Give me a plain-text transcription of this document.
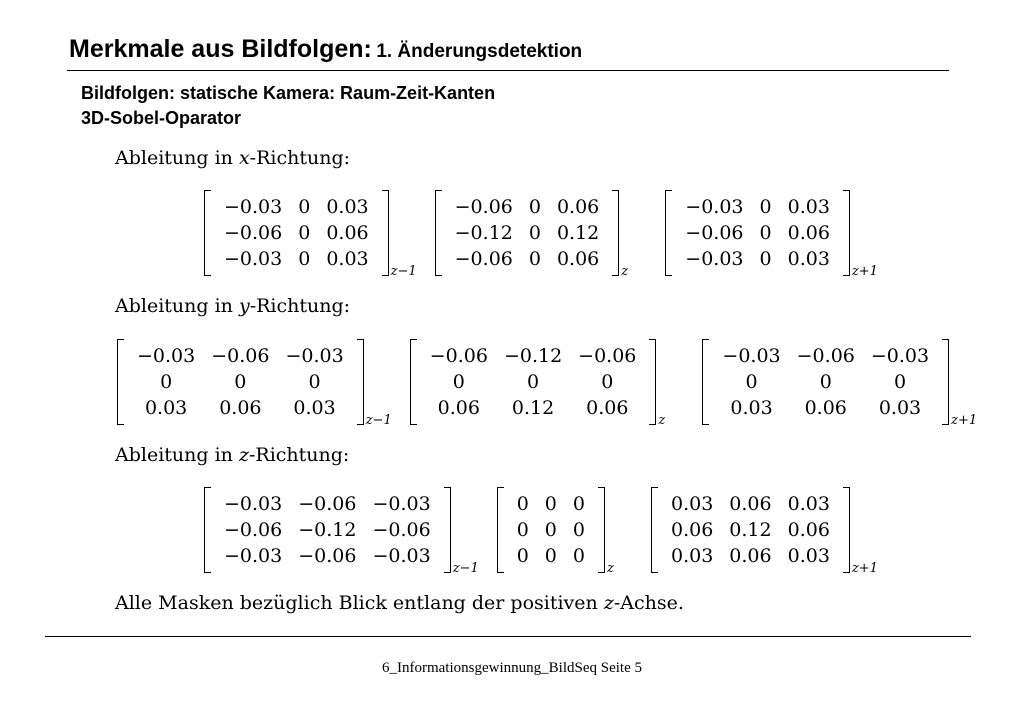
Merkmale aus Bildfolgen: 1. Änderungsdetektion
Bildfolgen: statische Kamera: Raum-Zeit-Kanten
3D-Sobel-Oparator
Ableitung in x-Richtung:
−0.03	0	0.03
−0.06	0	0.06
−0.03	0	0.03
z−1
−0.06	0	0.06
−0.12	0	0.12
−0.06	0	0.06
z
−0.03	0	0.03
−0.06	0	0.06
−0.03	0	0.03
z+1
Ableitung in y-Richtung:
−0.03	−0.06	−0.03
0	0	0
0.03	0.06	0.03
z−1
−0.06	−0.12	−0.06
0	0	0
0.06	0.12	0.06
z
−0.03	−0.06	−0.03
0	0	0
0.03	0.06	0.03
z+1
Ableitung in z-Richtung:
−0.03	−0.06	−0.03
−0.06	−0.12	−0.06
−0.03	−0.06	−0.03
z−1
0	0	0
0	0	0
0	0	0
z
0.03	0.06	0.03
0.06	0.12	0.06
0.03	0.06	0.03
z+1
Alle Masken bezüglich Blick entlang der positiven z-Achse.
6_Informationsgewinnung_BildSeq Seite 5
